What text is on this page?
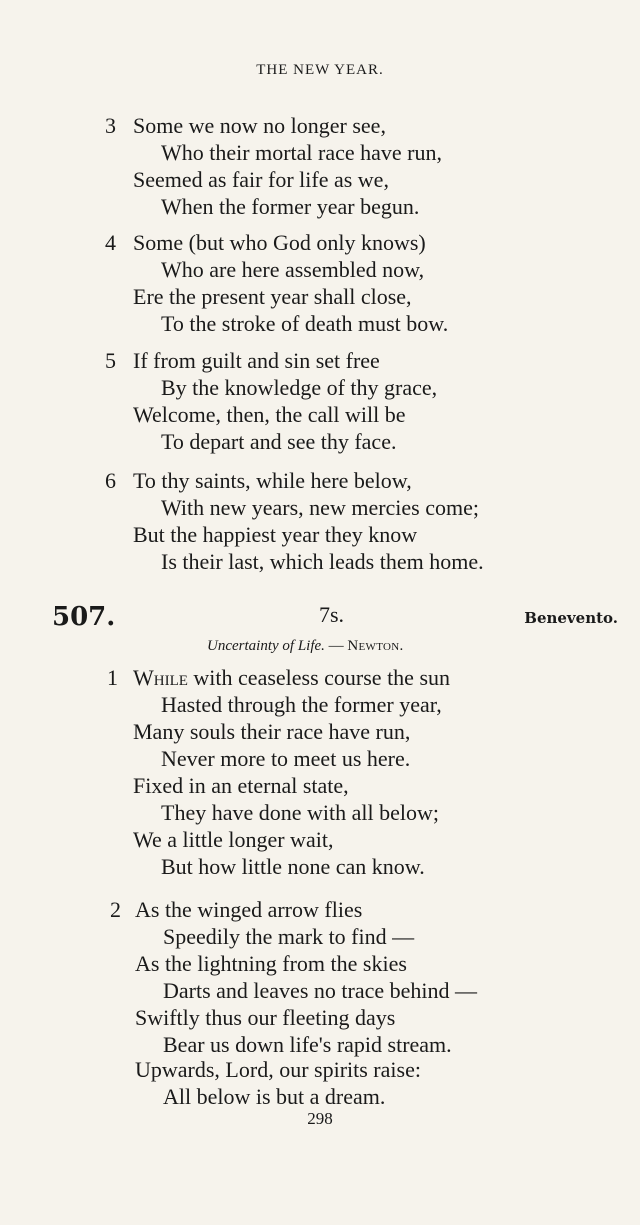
THE NEW YEAR.
3 Some we now no longer see,
Who their mortal race have run,
Seemed as fair for life as we,
When the former year begun.
4 Some (but who God only knows)
Who are here assembled now,
Ere the present year shall close,
To the stroke of death must bow.
5 If from guilt and sin set free
By the knowledge of thy grace,
Welcome, then, the call will be
To depart and see thy face.
6 To thy saints, while here below,
With new years, new mercies come;
But the happiest year they know
Is their last, which leads them home.
507.	7s.	Benevento.
Uncertainty of Life. — Newton.
1 While with ceaseless course the sun
Hasted through the former year,
Many souls their race have run,
Never more to meet us here.
Fixed in an eternal state,
They have done with all below;
We a little longer wait,
But how little none can know.
2 As the winged arrow flies
Speedily the mark to find —
As the lightning from the skies
Darts and leaves no trace behind —
Swiftly thus our fleeting days
Bear us down life's rapid stream.
Upwards, Lord, our spirits raise:
All below is but a dream.
298
